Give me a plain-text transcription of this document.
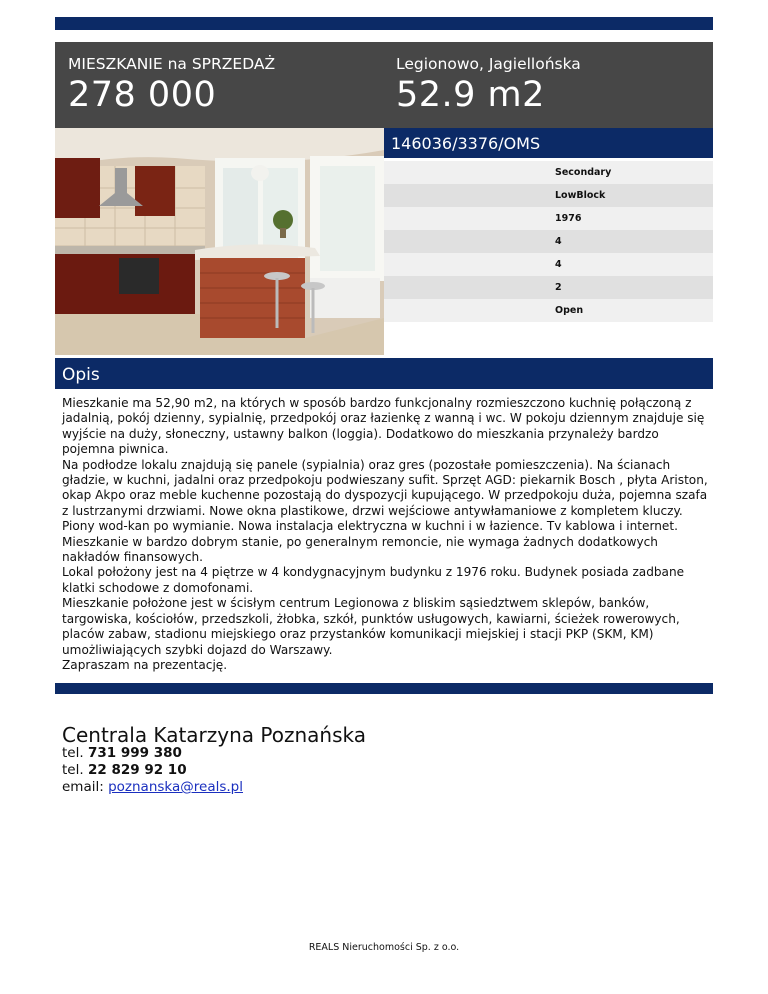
MIESZKANIE na SPRZEDAŻ
278 000
Legionowo, Jagiellońska
52.9 m2
146036/3376/OMS
Secondary
LowBlock
1976
4
4
2
Open
Opis

Mieszkanie ma 52,90 m2, na których w sposób bardzo funkcjonalny rozmieszczono kuchnię połączoną z jadalnią, pokój dzienny, sypialnię, przedpokój oraz łazienkę z wanną i wc. W pokoju dziennym znajduje się wyjście na duży, słoneczny, ustawny balkon (loggia). Dodatkowo do mieszkania przynależy bardzo pojemna piwnica.

Na podłodze lokalu znajdują się panele (sypialnia) oraz gres (pozostałe pomieszczenia). Na ścianach gładzie, w kuchni, jadalni oraz przedpokoju podwieszany sufit. Sprzęt AGD: piekarnik Bosch , płyta Ariston, okap Akpo oraz meble kuchenne pozostają do dyspozycji kupującego. W przedpokoju duża, pojemna szafa z lustrzanymi drzwiami. Nowe okna plastikowe, drzwi wejściowe antywłamaniowe z kompletem kluczy. Piony wod-kan po wymianie. Nowa instalacja elektryczna w kuchni i w łazience. Tv kablowa i internet.

Mieszkanie w bardzo dobrym stanie, po generalnym remoncie, nie wymaga żadnych dodatkowych nakładów finansowych.

Lokal położony jest na 4 piętrze w 4 kondygnacyjnym budynku z 1976 roku. Budynek posiada zadbane klatki schodowe z domofonami.

Mieszkanie położone jest w ścisłym centrum Legionowa z bliskim sąsiedztwem sklepów, banków, targowiska, kościołów, przedszkoli, żłobka, szkół, punktów usługowych, kawiarni, ścieżek rowerowych, placów zabaw, stadionu miejskiego oraz przystanków komunikacji miejskiej i stacji PKP (SKM, KM) umożliwiających szybki dojazd do Warszawy.

Zapraszam na prezentację.

Centrala Katarzyna Poznańska
tel. 731 999 380
tel. 22 829 92 10
email: poznanska@reals.pl
REALS Nieruchomości Sp. z o.o.
